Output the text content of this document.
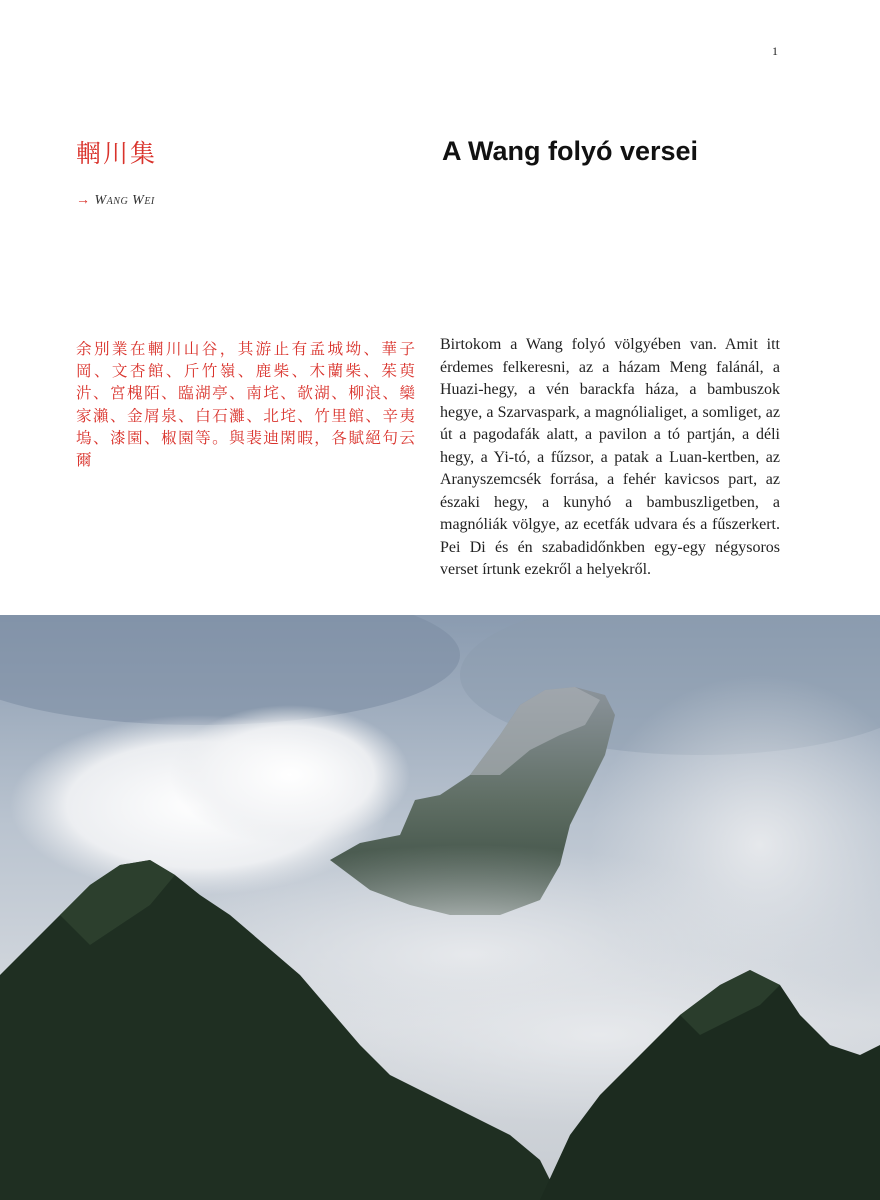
1
輞川集
→ Wang Wei
A Wang folyó versei
余別業在輞川山谷，其游止有孟城坳、華子岡、文杏館、斤竹嶺、鹿柴、木蘭柴、茱萸沜、宮槐陌、臨湖亭、南垞、欹湖、柳浪、欒家瀨、金屑泉、白石灘、北垞、竹里館、辛夷塢、漆園、椒園等。與裴迪閑暇，各賦絕句云爾
Birtokom a Wang folyó völgyében van. Amit itt érdemes felkeresni, az a házam Meng falánál, a Huazi-hegy, a vén barackfa háza, a bambuszok hegye, a Szarvaspark, a magnólialiget, a somliget, az út a pagodafák alatt, a pavilon a tó partján, a déli hegy, a Yi-tó, a fűzsor, a patak a Luan-kertben, az Aranyszemcsék forrása, a fehér kavicsos part, az északi hegy, a kunyhó a bambuszligetben, a magnóliák völgye, az ecetfák udvara és a fűszerkert. Pei Di és én szabadidőnkben egy-egy négysoros verset írtunk ezekről a helyekről.
